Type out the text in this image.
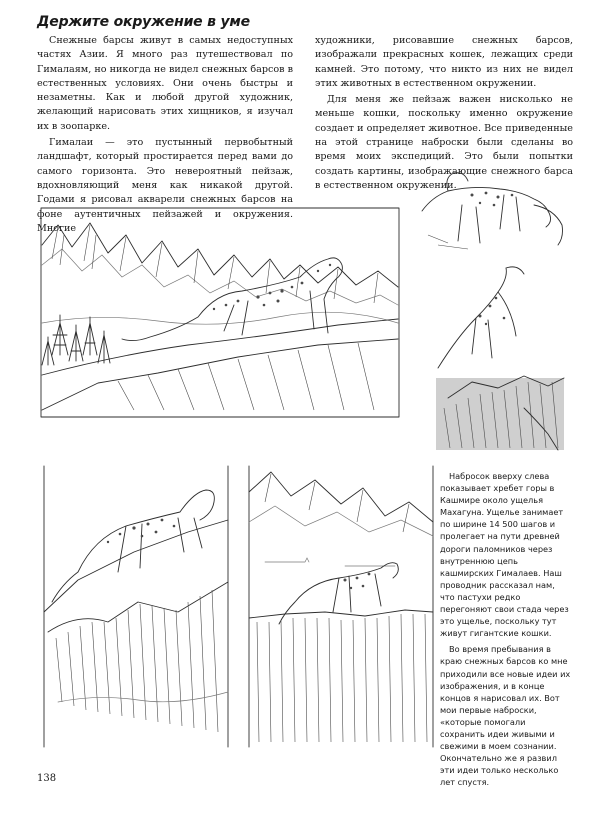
Держите окружение в уме

Снежные барсы живут в самых недоступных частях Азии. Я много раз путешествовал по Гималаям, но никогда не видел снежных барсов в естественных условиях. Они очень быстры и незаметны. Как и любой другой художник, желающий нарисовать этих хищников, я изучал их в зоопарке.

Гималаи — это пустынный первобытный ландшафт, который простирается перед вами до самого горизонта. Это невероятный пейзаж, вдохновляющий меня как никакой другой. Годами я рисовал акварели снежных барсов на фоне аутентичных пейзажей и окружения. Многие

художники, рисовавшие снежных барсов, изображали прекрасных кошек, лежащих среди камней. Это потому, что никто из них не видел этих животных в естественном окружении.

Для меня же пейзаж важен нисколько не меньше кошки, поскольку именно окружение создает и определяет животное. Все приведенные на этой странице наброски были сделаны во время моих экспедиций. Это были попытки создать картины, изображающие снежного барса в естественном окружении.

Набросок вверху слева показывает хребет горы в Кашмире около ущелья Махагуна. Ущелье занимает по ширине 14 500 шагов и пролегает на пути древней дороги паломников через внутреннюю цепь кашмирских Гималаев. Наш проводник рассказал нам, что пастухи редко перегоняют свои стада через это ущелье, поскольку тут живут гигантские кошки.

Во время пребывания в краю снежных барсов ко мне приходили все новые идеи их изображения, и в конце концов я нарисовал их. Вот мои первые наброски, «которые помогали сохранить идеи живыми и свежими в моем сознании. Окончательно же я развил эти идеи только несколько лет спустя.

138
